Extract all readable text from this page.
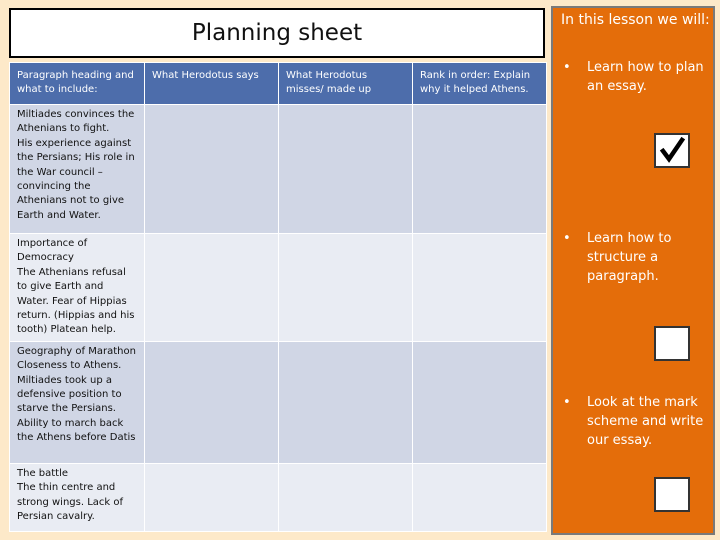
Planning sheet
Paragraph heading and what to include:	What Herodotus says	What Herodotus misses/ made up	Rank in order: Explain why it helped Athens.

Miltiades convinces the Athenians to fight.
His experience against the Persians; His role in the War council – convincing the Athenians not to give Earth and Water.			

Importance of Democracy
The Athenians refusal to give Earth and Water. Fear of Hippias return. (Hippias and his tooth) Platean help.			

Geography of Marathon
Closeness to Athens. Miltiades took up a defensive position to starve the Persians. Ability to march back the Athens before Datis			

The battle
The thin centre and strong wings. Lack of Persian cavalry.			

In this lesson we will:
• Learn how to plan an essay.
• Learn how to structure a paragraph.
• Look at the mark scheme and write our essay.
